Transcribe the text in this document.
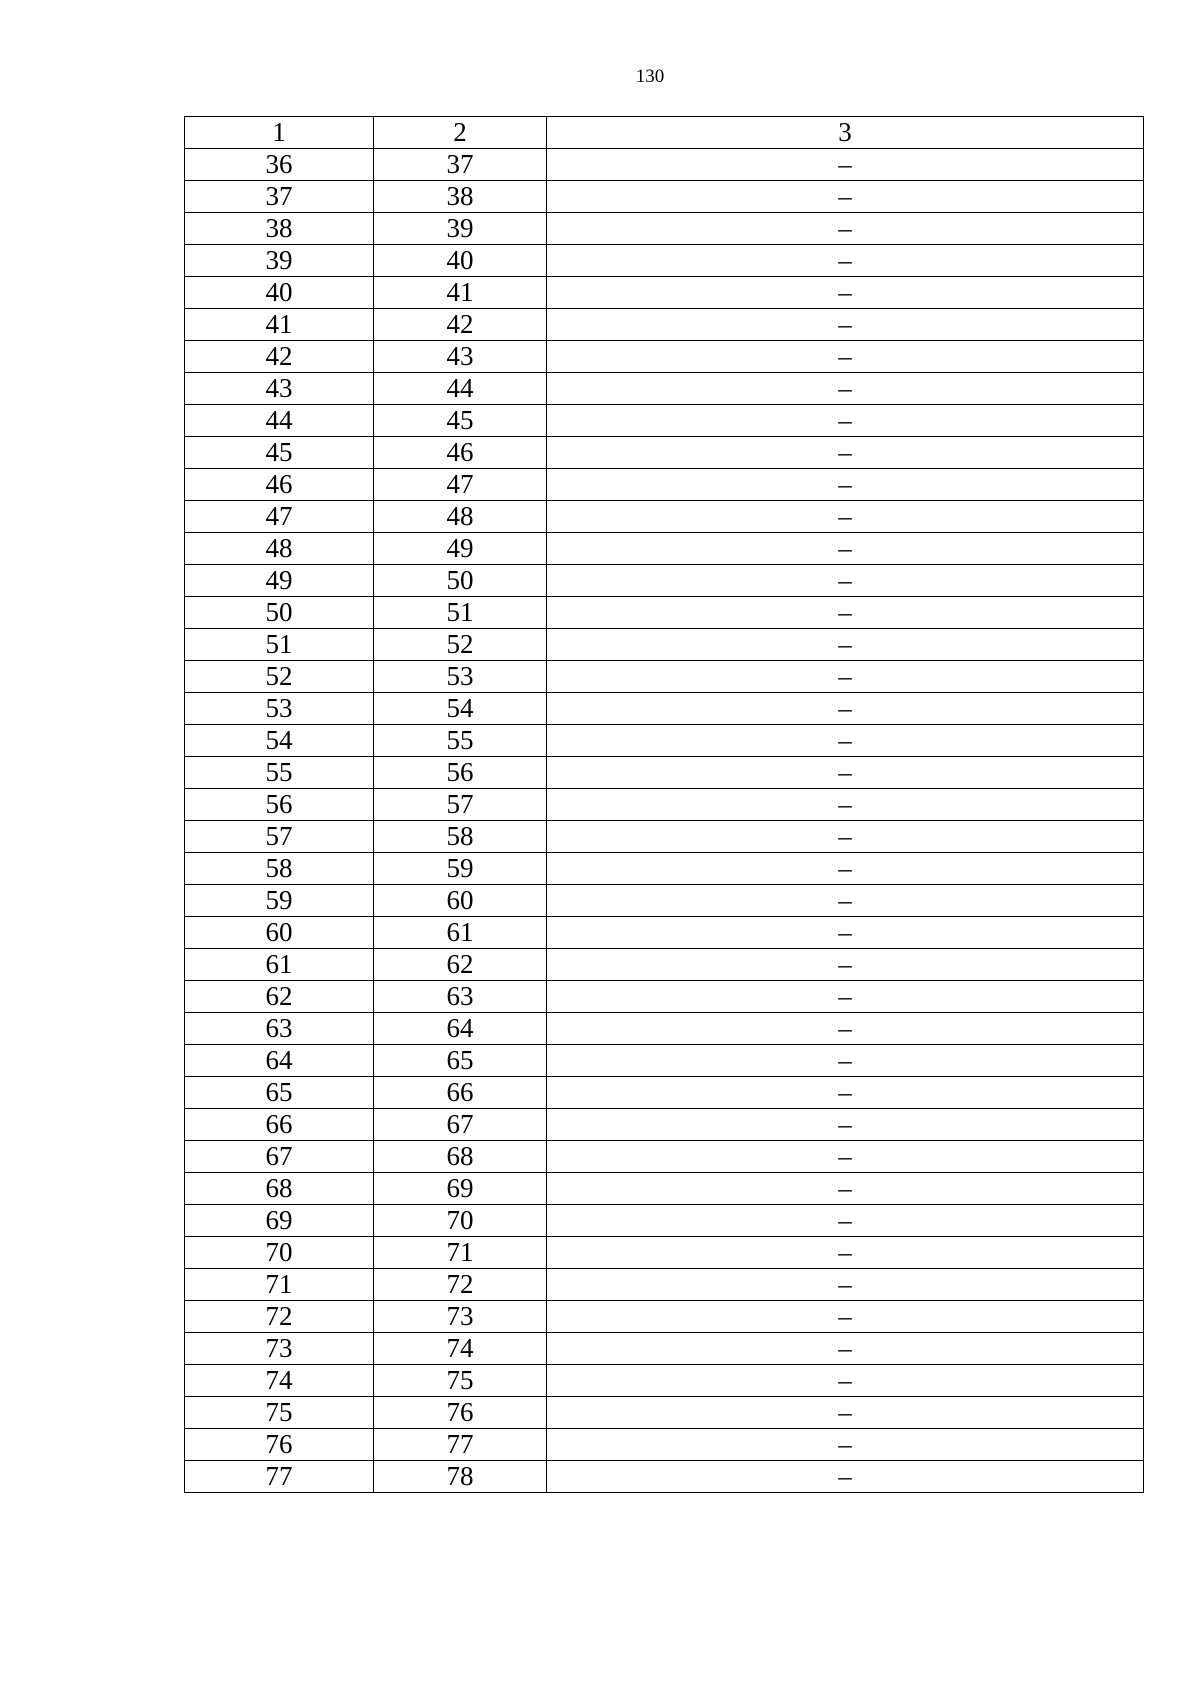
130
1	2	3
36	37	–
37	38	–
38	39	–
39	40	–
40	41	–
41	42	–
42	43	–
43	44	–
44	45	–
45	46	–
46	47	–
47	48	–
48	49	–
49	50	–
50	51	–
51	52	–
52	53	–
53	54	–
54	55	–
55	56	–
56	57	–
57	58	–
58	59	–
59	60	–
60	61	–
61	62	–
62	63	–
63	64	–
64	65	–
65	66	–
66	67	–
67	68	–
68	69	–
69	70	–
70	71	–
71	72	–
72	73	–
73	74	–
74	75	–
75	76	–
76	77	–
77	78	–
